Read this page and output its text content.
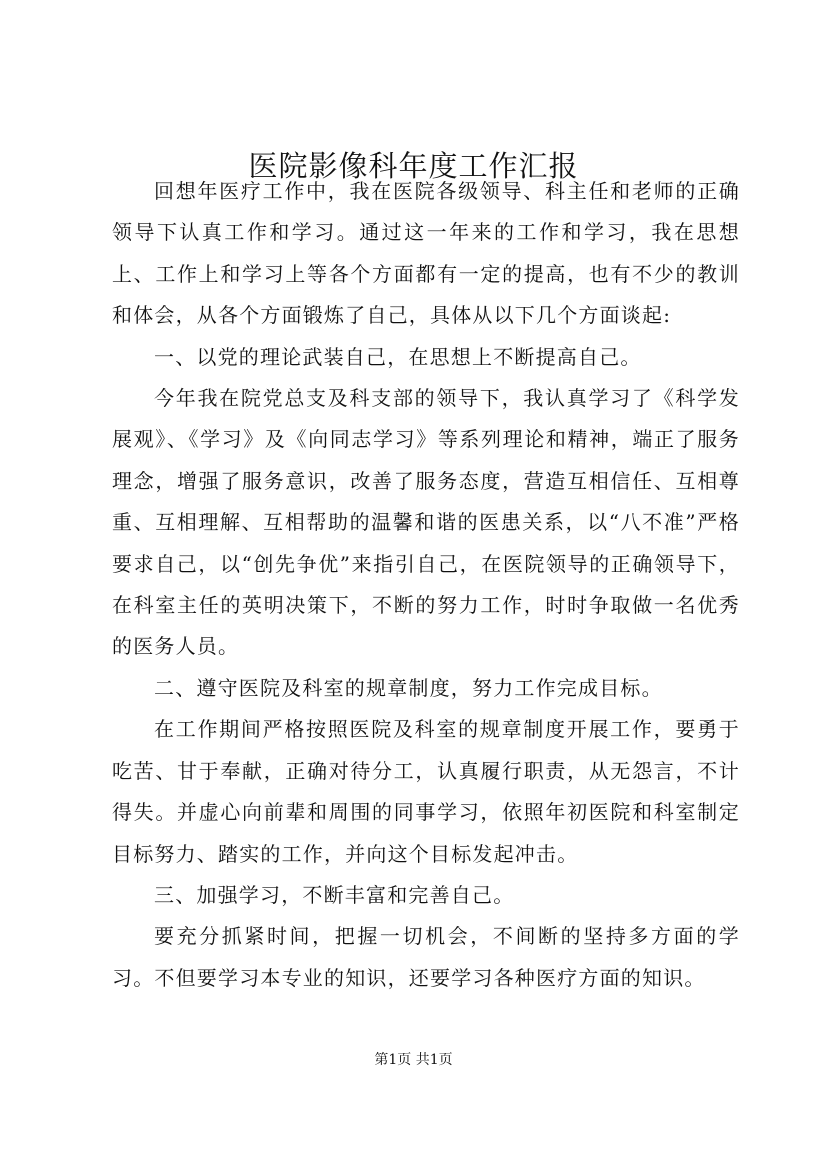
医院影像科年度工作汇报

回想年医疗工作中，我在医院各级领导、科主任和老师的正确领导下认真工作和学习。通过这一年来的工作和学习，我在思想上、工作上和学习上等各个方面都有一定的提高，也有不少的教训和体会，从各个方面锻炼了自己，具体从以下几个方面谈起:

一、以党的理论武装自己，在思想上不断提高自己。

今年我在院党总支及科支部的领导下，我认真学习了《科学发展观》、《学习》及《向同志学习》等系列理论和精神，端正了服务理念，增强了服务意识，改善了服务态度，营造互相信任、互相尊重、互相理解、互相帮助的温馨和谐的医患关系，以“八不准”严格要求自己，以“创先争优”来指引自己，在医院领导的正确领导下，在科室主任的英明决策下，不断的努力工作，时时争取做一名优秀的医务人员。

二、遵守医院及科室的规章制度，努力工作完成目标。

在工作期间严格按照医院及科室的规章制度开展工作，要勇于吃苦、甘于奉献，正确对待分工，认真履行职责，从无怨言，不计得失。并虚心向前辈和周围的同事学习，依照年初医院和科室制定目标努力、踏实的工作，并向这个目标发起冲击。

三、加强学习，不断丰富和完善自己。

要充分抓紧时间，把握一切机会，不间断的坚持多方面的学习。不但要学习本专业的知识，还要学习各种医疗方面的知识。

第1页 共1页
